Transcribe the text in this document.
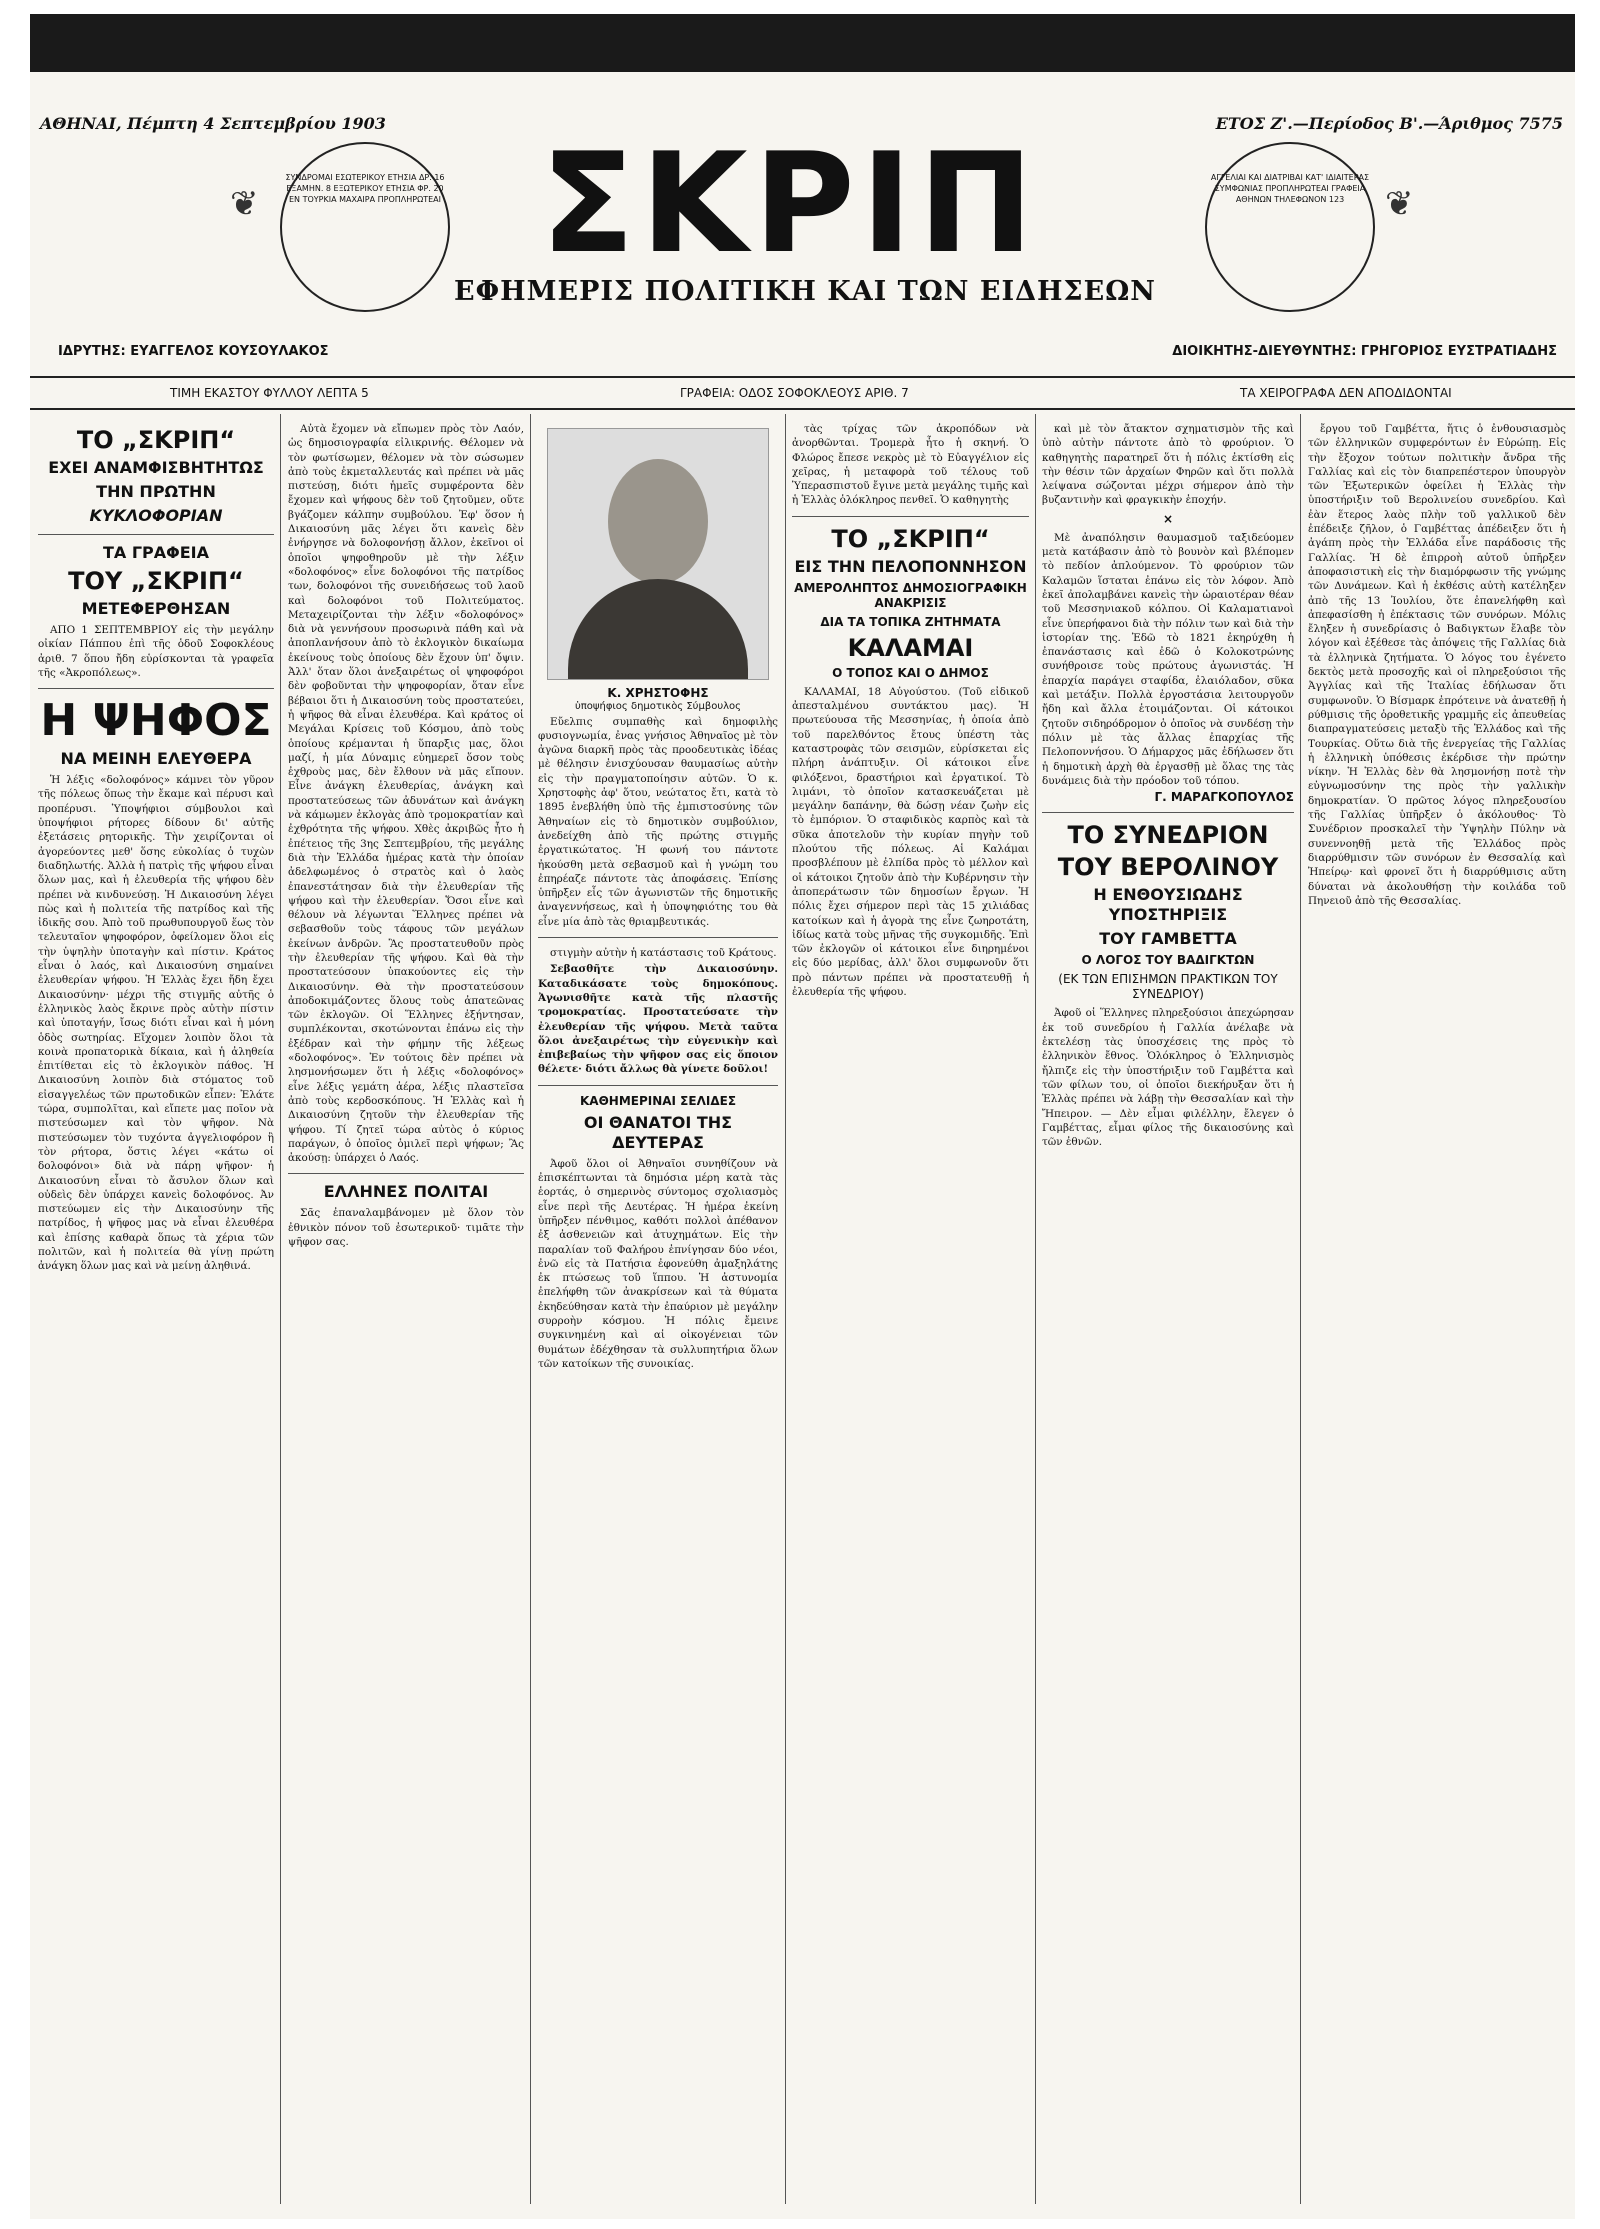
ΑΘΗΝΑΙ, Πέμπτη 4 Σεπτεμβρίου 1903	ΕΤΟΣ Ζ'.—Περίοδος Β'.—Άριθμος 7575
ΣΥΝΔΡΟΜΑΙ ΕΣΩΤΕΡΙΚΟΥ ΕΤΗΣΙΑ ΔΡ. 16 ΕΞΑΜΗΝ. 8 ΕΞΩΤΕΡΙΚΟΥ ΕΤΗΣΙΑ ΦΡ. 20 ΕΝ ΤΟΥΡΚΙΑ ΜΑΧΑΙΡΑ ΠΡΟΠΛΗΡΩΤΕΑΙ
ΑΓΓΕΛΙΑΙ ΚΑΙ ΔΙΑΤΡΙΒΑΙ ΚΑΤ' ΙΔΙΑΙΤΕΡΑΣ ΣΥΜΦΩΝΙΑΣ ΠΡΟΠΛΗΡΩΤΕΑΙ ΓΡΑΦΕΙΑ ΑΘΗΝΩΝ ΤΗΛΕΦΩΝΟΝ 123
❦	❦
ΣΚΡΙΠ
ΕΦΗΜΕΡΙΣ ΠΟΛΙΤΙΚΗ ΚΑΙ ΤΩΝ ΕΙΔΗΣΕΩΝ
ΙΔΡΥΤΗΣ: ΕΥΑΓΓΕΛΟΣ ΚΟΥΣΟΥΛΑΚΟΣ	ΔΙΟΙΚΗΤΗΣ-ΔΙΕΥΘΥΝΤΗΣ: ΓΡΗΓΟΡΙΟΣ ΕΥΣΤΡΑΤΙΑΔΗΣ
ΤΙΜΗ ΕΚΑΣΤΟΥ ΦΥΛΛΟΥ ΛΕΠΤΑ 5	ΓΡΑΦΕΙΑ: ΟΔΟΣ ΣΟΦΟΚΛΕΟΥΣ ΑΡΙΘ. 7	ΤΑ ΧΕΙΡΟΓΡΑΦΑ ΔΕΝ ΑΠΟΔΙΔΟΝΤΑΙ
ΤΟ „ΣΚΡΙΠ“
ΕΧΕΙ ΑΝΑΜΦΙΣΒΗΤΗΤΩΣ
ΤΗΝ ΠΡΩΤΗΝ
ΚΥΚΛΟΦΟΡΙΑΝ
ΤΑ ΓΡΑΦΕΙΑ
ΤΟΥ „ΣΚΡΙΠ“
ΜΕΤΕΦΕΡΘΗΣΑΝ

ΑΠΟ 1 ΣΕΠΤΕΜΒΡΙΟΥ εἰς τὴν μεγάλην οἰκίαν Πάππου ἐπὶ τῆς ὁδοῦ Σοφοκλέους ἀριθ. 7 ὅπου ἤδη εὑρίσκονται τὰ γραφεῖα τῆς «Ἀκροπόλεως».

Η ΨΗΦΟΣ
ΝΑ ΜΕΙΝΗ ΕΛΕΥΘΕΡΑ

Ἡ λέξις «δολοφόνος» κάμνει τὸν γῦρον τῆς πόλεως ὅπως τὴν ἔκαμε καὶ πέρυσι καὶ προπέρυσι. Ὑποψήφιοι σύμβουλοι καὶ ὑποψήφιοι ρήτορες δίδουν δι' αὐτῆς ἐξετάσεις ρητορικῆς. Τὴν χειρίζονται οἱ ἀγορεύοντες μεθ' ὅσης εὐκολίας ὁ τυχὼν διαδηλωτής. Ἀλλὰ ἡ πατρὶς τῆς ψήφου εἶναι ὅλων μας, καὶ ἡ ἐλευθερία τῆς ψήφου δὲν πρέπει νὰ κινδυνεύσῃ. Ἡ Δικαιοσύνη λέγει πὼς καὶ ἡ πολιτεία τῆς πατρίδος καὶ τῆς ἰδικῆς σου. Ἀπὸ τοῦ πρωθυπουργοῦ ἕως τὸν τελευταῖον ψηφοφόρον, ὀφείλομεν ὅλοι εἰς τὴν ὑψηλὴν ὑποταγὴν καὶ πίστιν. Κράτος εἶναι ὁ λαός, καὶ Δικαιοσύνη σημαίνει ἐλευθερίαν ψήφου. Ἡ Ἑλλὰς ἔχει ἤδη ἔχει Δικαιοσύνην· μέχρι τῆς στιγμῆς αὐτῆς ὁ ἑλληνικὸς λαὸς ἔκρινε πρὸς αὐτὴν πίστιν καὶ ὑποταγήν, ἴσως διότι εἶναι καὶ ἡ μόνη ὁδὸς σωτηρίας. Εἴχομεν λοιπὸν ὅλοι τὰ κοινὰ προπατορικὰ δίκαια, καὶ ἡ ἀληθεία ἐπιτίθεται εἰς τὸ ἐκλογικὸν πάθος. Ἡ Δικαιοσύνη λοιπὸν διὰ στόματος τοῦ εἰσαγγελέως τῶν πρωτοδικῶν εἶπεν: Ἐλάτε τώρα, συμπολῖται, καὶ εἴπετε μας ποῖον νὰ πιστεύσωμεν καὶ τὸν ψῆφον. Νὰ πιστεύσωμεν τὸν τυχόντα ἀγγελιοφόρον ἢ τὸν ρήτορα, ὅστις λέγει «κάτω οἱ δολοφόνοι» διὰ νὰ πάρῃ ψῆφον· ἡ Δικαιοσύνη εἶναι τὸ ἄσυλον ὅλων καὶ οὐδεὶς δὲν ὑπάρχει κανεὶς δολοφόνος. Ἀν πιστεύωμεν εἰς τὴν Δικαιοσύνην τῆς πατρίδος, ἡ ψῆφος μας νὰ εἶναι ἐλευθέρα καὶ ἐπίσης καθαρὰ ὅπως τὰ χέρια τῶν πολιτῶν, καὶ ἡ πολιτεία θὰ γίνῃ πρώτη ἀνάγκη ὅλων μας καὶ νὰ μείνῃ ἀληθινά.

Αὐτὰ ἔχομεν νὰ εἴπωμεν πρὸς τὸν Λαόν, ὡς δημοσιογραφία εἰλικρινής. Θέλομεν νὰ τὸν φωτίσωμεν, θέλομεν νὰ τὸν σώσωμεν ἀπὸ τοὺς ἐκμεταλλευτάς καὶ πρέπει νὰ μᾶς πιστεύσῃ, διότι ἡμεῖς συμφέροντα δὲν ἔχομεν καὶ ψήφους δὲν τοῦ ζητοῦμεν, οὔτε βγάζομεν κάλπην συμβούλου. Ἐφ' ὅσον ἡ Δικαιοσύνη μᾶς λέγει ὅτι κανεὶς δὲν ἐνήργησε νὰ δολοφονήσῃ ἄλλον, ἐκεῖνοι οἱ ὁποῖοι ψηφοθηροῦν μὲ τὴν λέξιν «δολοφόνος» εἶνε δολοφόνοι τῆς πατρίδος των, δολοφόνοι τῆς συνειδήσεως τοῦ λαοῦ καὶ δολοφόνοι τοῦ Πολιτεύματος. Μεταχειρίζονται τὴν λέξιν «δολοφόνος» διὰ νὰ γεννήσουν προσωρινὰ πάθη καὶ νὰ ἀποπλανήσουν ἀπὸ τὸ ἐκλογικὸν δικαίωμα ἐκείνους τοὺς ὁποίους δὲν ἔχουν ὑπ' ὄψιν. Ἀλλ' ὅταν ὅλοι ἀνεξαιρέτως οἱ ψηφοφόροι δὲν φοβοῦνται τὴν ψηφοφορίαν, ὅταν εἶνε βέβαιοι ὅτι ἡ Δικαιοσύνη τοὺς προστατεύει, ἡ ψῆφος θὰ εἶναι ἐλευθέρα. Καὶ κράτος οἱ Μεγάλαι Κρίσεις τοῦ Κόσμου, ἀπὸ τοὺς ὁποίους κρέμανται ἡ ὕπαρξις μας, ὅλοι μαζί, ἡ μία Δύναμις εὐημερεῖ ὅσον τοὺς ἐχθροὺς μας, δὲν ἔλθουν νὰ μᾶς εἴπουν. Εἶνε ἀνάγκη ἐλευθερίας, ἀνάγκη καὶ προστατεύσεως τῶν ἀδυνάτων καὶ ἀνάγκη νὰ κάμωμεν ἐκλογὰς ἀπὸ τρομοκρατίαν καὶ ἐχθρότητα τῆς ψήφου. Χθὲς ἀκριβῶς ἦτο ἡ ἐπέτειος τῆς 3ης Σεπτεμβρίου, τῆς μεγάλης διὰ τὴν Ἑλλάδα ἡμέρας κατὰ τὴν ὁποίαν ἀδελφωμένος ὁ στρατὸς καὶ ὁ λαὸς ἐπανεστάτησαν διὰ τὴν ἐλευθερίαν τῆς ψήφου καὶ τὴν ἐλευθερίαν. Ὅσοι εἶνε καὶ θέλουν νὰ λέγωνται Ἕλληνες πρέπει νὰ σεβασθοῦν τοὺς τάφους τῶν μεγάλων ἐκείνων ἀνδρῶν. Ἂς προστατευθοῦν πρὸς τὴν ἐλευθερίαν τῆς ψήφου. Καὶ θὰ τὴν προστατεύσουν ὑπακούοντες εἰς τὴν Δικαιοσύνην. Θὰ τὴν προστατεύσουν ἀποδοκιμάζοντες ὅλους τοὺς ἀπατεῶνας τῶν ἐκλογῶν. Οἱ Ἕλληνες ἐξήντησαν, συμπλέκονται, σκοτώνονται ἐπάνω εἰς τὴν ἐξέδραν καὶ τὴν φήμην τῆς λέξεως «δολοφόνος». Ἐν τούτοις δὲν πρέπει νὰ λησμονήσωμεν ὅτι ἡ λέξις «δολοφόνος» εἶνε λέξις γεμάτη ἀέρα, λέξις πλαστεῖσα ἀπὸ τοὺς κερδοσκόπους. Ἡ Ἑλλὰς καὶ ἡ Δικαιοσύνη ζητοῦν τὴν ἐλευθερίαν τῆς ψήφου. Τί ζητεῖ τώρα αὐτὸς ὁ κύριος παράγων, ὁ ὁποῖος ὁμιλεῖ περὶ ψήφων; Ἂς ἀκούσῃ: ὑπάρχει ὁ Λαός.

ΕΛΛΗΝΕΣ ΠΟΛΙΤΑΙ

Σᾶς ἐπαναλαμβάνομεν μὲ ὅλον τὸν ἐθνικὸν πόνον τοῦ ἐσωτερικοῦ· τιμᾶτε τὴν ψῆφον σας.

Κ. ΧΡΗΣΤΟΦΗΣ
ὑποψήφιος δημοτικὸς Σύμβουλος

Εὔελπις συμπαθὴς καὶ δημοφιλὴς φυσιογνωμία, ἐνας γνήσιος Ἀθηναῖος μὲ τὸν ἀγῶνα διαρκῆ πρὸς τὰς προοδευτικὰς ἰδέας μὲ θέλησιν ἐνισχύουσαν θαυμασίως αὐτὴν εἰς τὴν πραγματοποίησιν αὐτῶν. Ὁ κ. Χρηστοφὴς ἀφ' ὅτου, νεώτατος ἔτι, κατὰ τὸ 1895 ἐνεβλήθη ὑπὸ τῆς ἐμπιστοσύνης τῶν Ἀθηναίων εἰς τὸ δημοτικὸν συμβούλιον, ἀνεδείχθη ἀπὸ τῆς πρώτης στιγμῆς ἐργατικώτατος. Ἡ φωνή του πάντοτε ἠκούσθη μετὰ σεβασμοῦ καὶ ἡ γνώμη του ἐπηρέαζε πάντοτε τὰς ἀποφάσεις. Ἐπίσης ὑπῆρξεν εἷς τῶν ἀγωνιστῶν τῆς δημοτικῆς ἀναγεννήσεως, καὶ ἡ ὑποψηφιότης του θὰ εἶνε μία ἀπὸ τὰς θριαμβευτικάς.

στιγμὴν αὐτὴν ἡ κατάστασις τοῦ Κράτους.

Σεβασθῆτε τὴν Δικαιοσύνην. Καταδικάσατε τοὺς δημοκόπους. Ἀγωνισθῆτε κατὰ τῆς πλαστῆς τρομοκρατίας. Προστατεύσατε τὴν ἐλευθερίαν τῆς ψήφου. Μετὰ ταῦτα ὅλοι ἀνεξαιρέτως τὴν εὐγενικὴν καὶ ἐπιβεβαίως τὴν ψῆφον σας εἰς ὅποιον θέλετε· διότι ἄλλως θὰ γίνετε δοῦλοι!

ΚΑΘΗΜΕΡΙΝΑΙ ΣΕΛΙΔΕΣ
ΟΙ ΘΑΝΑΤΟΙ ΤΗΣ ΔΕΥΤΕΡΑΣ

Ἀφοῦ ὅλοι οἱ Ἀθηναῖοι συνηθίζουν νὰ ἐπισκέπτωνται τὰ δημόσια μέρη κατὰ τὰς ἑορτάς, ὁ σημερινὸς σύντομος σχολιασμὸς εἶνε περὶ τῆς Δευτέρας. Ἡ ἡμέρα ἐκείνη ὑπῆρξεν πένθιμος, καθότι πολλοὶ ἀπέθανον ἐξ ἀσθενειῶν καὶ ἀτυχημάτων. Εἰς τὴν παραλίαν τοῦ Φαλήρου ἐπνίγησαν δύο νέοι, ἐνῶ εἰς τὰ Πατήσια ἐφονεύθη ἀμαξηλάτης ἐκ πτώσεως τοῦ ἵππου. Ἡ ἀστυνομία ἐπελήφθη τῶν ἀνακρίσεων καὶ τὰ θύματα ἐκηδεύθησαν κατὰ τὴν ἐπαύριον μὲ μεγάλην συρροὴν κόσμου. Ἡ πόλις ἔμεινε συγκινημένη καὶ αἱ οἰκογένειαι τῶν θυμάτων ἐδέχθησαν τὰ συλλυπητήρια ὅλων τῶν κατοίκων τῆς συνοικίας.

τὰς τρίχας τῶν ἀκροπόδων νὰ ἀνορθῶνται. Τρομερὰ ἦτο ἡ σκηνή. Ὁ Φλώρος ἔπεσε νεκρὸς μὲ τὸ Εὐαγγέλιον εἰς χεῖρας, ἡ μεταφορὰ τοῦ τέλους τοῦ Ὑπερασπιστοῦ ἔγινε μετὰ μεγάλης τιμῆς καὶ ἡ Ἑλλὰς ὁλόκληρος πενθεῖ. Ὁ καθηγητὴς

ΤΟ „ΣΚΡΙΠ“
ΕΙΣ ΤΗΝ ΠΕΛΟΠΟΝΝΗΣΟΝ
ΑΜΕΡΟΛΗΠΤΟΣ ΔΗΜΟΣΙΟΓΡΑΦΙΚΗ ΑΝΑΚΡΙΣΙΣ
ΔΙΑ ΤΑ ΤΟΠΙΚΑ ΖΗΤΗΜΑΤΑ
ΚΑΛΑΜΑΙ
Ο ΤΟΠΟΣ ΚΑΙ Ο ΔΗΜΟΣ

ΚΑΛΑΜΑΙ, 18 Αὐγούστου. (Τοῦ εἰδικοῦ ἀπεσταλμένου συντάκτου μας). Ἡ πρωτεύουσα τῆς Μεσσηνίας, ἡ ὁποία ἀπὸ τοῦ παρελθόντος ἔτους ὑπέστη τὰς καταστροφὰς τῶν σεισμῶν, εὑρίσκεται εἰς πλήρη ἀνάπτυξιν. Οἱ κάτοικοι εἶνε φιλόξενοι, δραστήριοι καὶ ἐργατικοί. Τὸ λιμάνι, τὸ ὁποῖον κατασκευάζεται μὲ μεγάλην δαπάνην, θὰ δώσῃ νέαν ζωὴν εἰς τὸ ἐμπόριον. Ὁ σταφιδικὸς καρπὸς καὶ τὰ σῦκα ἀποτελοῦν τὴν κυρίαν πηγὴν τοῦ πλούτου τῆς πόλεως. Αἱ Καλάμαι προσβλέπουν μὲ ἐλπίδα πρὸς τὸ μέλλον καὶ οἱ κάτοικοι ζητοῦν ἀπὸ τὴν Κυβέρνησιν τὴν ἀποπεράτωσιν τῶν δημοσίων ἔργων. Ἡ πόλις ἔχει σήμερον περὶ τὰς 15 χιλιάδας κατοίκων καὶ ἡ ἀγορὰ της εἶνε ζωηροτάτη, ἰδίως κατὰ τοὺς μῆνας τῆς συγκομιδῆς. Ἐπὶ τῶν ἐκλογῶν οἱ κάτοικοι εἶνε διηρημένοι εἰς δύο μερίδας, ἀλλ' ὅλοι συμφωνοῦν ὅτι πρὸ πάντων πρέπει νὰ προστατευθῇ ἡ ἐλευθερία τῆς ψήφου.

καὶ μὲ τὸν ἄτακτον σχηματισμὸν τῆς καὶ ὑπὸ αὐτὴν πάντοτε ἀπὸ τὸ φρούριον. Ὁ καθηγητὴς παρατηρεῖ ὅτι ἡ πόλις ἐκτίσθη εἰς τὴν θέσιν τῶν ἀρχαίων Φηρῶν καὶ ὅτι πολλὰ λείψανα σώζονται μέχρι σήμερον ἀπὸ τὴν βυζαντινὴν καὶ φραγκικὴν ἐποχήν.

×

Μὲ ἀναπόλησιν θαυμασμοῦ ταξιδεύομεν μετὰ κατάβασιν ἀπὸ τὸ βουνὸν καὶ βλέπομεν τὸ πεδίον ἀπλούμενον. Τὸ φρούριον τῶν Καλαμῶν ἵσταται ἐπάνω εἰς τὸν λόφον. Ἀπὸ ἐκεῖ ἀπολαμβάνει κανεὶς τὴν ὡραιοτέραν θέαν τοῦ Μεσσηνιακοῦ κόλπου. Οἱ Καλαματιανοὶ εἶνε ὑπερήφανοι διὰ τὴν πόλιν των καὶ διὰ τὴν ἱστορίαν της. Ἐδῶ τὸ 1821 ἐκηρύχθη ἡ ἐπανάστασις καὶ ἐδῶ ὁ Κολοκοτρώνης συνήθροισε τοὺς πρώτους ἀγωνιστάς. Ἡ ἐπαρχία παράγει σταφίδα, ἐλαιόλαδον, σῦκα καὶ μετάξιν. Πολλὰ ἐργοστάσια λειτουργοῦν ἤδη καὶ ἄλλα ἑτοιμάζονται. Οἱ κάτοικοι ζητοῦν σιδηρόδρομον ὁ ὁποῖος νὰ συνδέσῃ τὴν πόλιν μὲ τὰς ἄλλας ἐπαρχίας τῆς Πελοποννήσου. Ὁ Δήμαρχος μᾶς ἐδήλωσεν ὅτι ἡ δημοτικὴ ἀρχὴ θὰ ἐργασθῇ μὲ ὅλας της τὰς δυνάμεις διὰ τὴν πρόοδον τοῦ τόπου.

Γ. ΜΑΡΑΓΚΟΠΟΥΛΟΣ
ΤΟ ΣΥΝΕΔΡΙΟΝ
ΤΟΥ ΒΕΡΟΛΙΝΟΥ
Η ΕΝΘΟΥΣΙΩΔΗΣ ΥΠΟΣΤΗΡΙΞΙΣ
ΤΟΥ ΓΑΜΒΕΤΤΑ
Ο ΛΟΓΟΣ ΤΟΥ ΒΑΔΙΓΚΤΩΝ
(ΕΚ ΤΩΝ ΕΠΙΣΗΜΩΝ ΠΡΑΚΤΙΚΩΝ ΤΟΥ ΣΥΝΕΔΡΙΟΥ)

Ἀφοῦ οἱ Ἕλληνες πληρεξούσιοι ἀπεχώρησαν ἐκ τοῦ συνεδρίου ἡ Γαλλία ἀνέλαβε νὰ ἐκτελέσῃ τὰς ὑποσχέσεις της πρὸς τὸ ἑλληνικὸν ἔθνος. Ὁλόκληρος ὁ Ἑλληνισμὸς ἤλπιζε εἰς τὴν ὑποστήριξιν τοῦ Γαμβέττα καὶ τῶν φίλων του, οἱ ὁποῖοι διεκήρυξαν ὅτι ἡ Ἑλλὰς πρέπει νὰ λάβῃ τὴν Θεσσαλίαν καὶ τὴν Ἤπειρον. — Δὲν εἶμαι φιλέλλην, ἔλεγεν ὁ Γαμβέττας, εἶμαι φίλος τῆς δικαιοσύνης καὶ τῶν ἐθνῶν.

ἔργου τοῦ Γαμβέττα, ἥτις ὁ ἐνθουσιασμὸς τῶν ἑλληνικῶν συμφερόντων ἐν Εὐρώπῃ. Εἰς τὴν ἔξοχον τούτων πολιτικὴν ἄνδρα τῆς Γαλλίας καὶ εἰς τὸν διαπρεπέστερον ὑπουργὸν τῶν Ἐξωτερικῶν ὀφείλει ἡ Ἑλλὰς τὴν ὑποστήριξιν τοῦ Βερολινείου συνεδρίου. Καὶ ἐὰν ἕτερος λαὸς πλὴν τοῦ γαλλικοῦ δὲν ἐπέδειξε ζῆλον, ὁ Γαμβέττας ἀπέδειξεν ὅτι ἡ ἀγάπη πρὸς τὴν Ἑλλάδα εἶνε παράδοσις τῆς Γαλλίας. Ἡ δὲ ἐπιρροὴ αὐτοῦ ὑπῆρξεν ἀποφασιστικὴ εἰς τὴν διαμόρφωσιν τῆς γνώμης τῶν Δυνάμεων. Καὶ ἡ ἐκθέσις αὐτὴ κατέληξεν ἀπὸ τῆς 13 Ἰουλίου, ὅτε ἐπανελήφθη καὶ ἀπεφασίσθη ἡ ἐπέκτασις τῶν συνόρων. Μόλις ἔληξεν ἡ συνεδρίασις ὁ Βαδιγκτων ἔλαβε τὸν λόγον καὶ ἐξέθεσε τὰς ἀπόψεις τῆς Γαλλίας διὰ τὰ ἑλληνικὰ ζητήματα. Ὁ λόγος του ἐγένετο δεκτὸς μετὰ προσοχῆς καὶ οἱ πληρεξούσιοι τῆς Ἀγγλίας καὶ τῆς Ἰταλίας ἐδήλωσαν ὅτι συμφωνοῦν. Ὁ Βίσμαρκ ἐπρότεινε νὰ ἀνατεθῇ ἡ ρύθμισις τῆς ὁροθετικῆς γραμμῆς εἰς ἀπευθείας διαπραγματεύσεις μεταξὺ τῆς Ἑλλάδος καὶ τῆς Τουρκίας. Οὕτω διὰ τῆς ἐνεργείας τῆς Γαλλίας ἡ ἑλληνικὴ ὑπόθεσις ἐκέρδισε τὴν πρώτην νίκην. Ἡ Ἑλλὰς δὲν θὰ λησμονήσῃ ποτὲ τὴν εὐγνωμοσύνην της πρὸς τὴν γαλλικὴν δημοκρατίαν. Ὁ πρῶτος λόγος πληρεξουσίου τῆς Γαλλίας ὑπῆρξεν ὁ ἀκόλουθος· Τὸ Συνέδριον προσκαλεῖ τὴν Ὑψηλὴν Πύλην νὰ συνεννοηθῇ μετὰ τῆς Ἑλλάδος πρὸς διαρρύθμισιν τῶν συνόρων ἐν Θεσσαλίᾳ καὶ Ἠπείρῳ· καὶ φρονεῖ ὅτι ἡ διαρρύθμισις αὕτη δύναται νὰ ἀκολουθήσῃ τὴν κοιλάδα τοῦ Πηνειοῦ ἀπὸ τῆς Θεσσαλίας.
